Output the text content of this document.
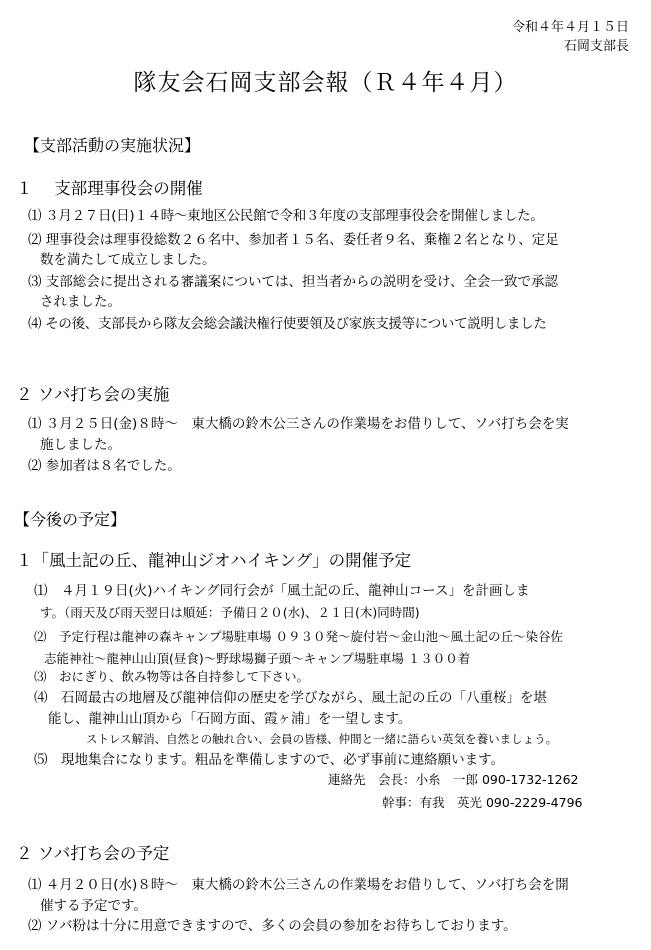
令和４年４月１５日
石岡支部長
隊友会石岡支部会報（Ｒ４年４月）
【支部活動の実施状況】
１　 支部理事役会の開催
⑴ ３月２７日(日)１４時～東地区公民館で令和３年度の支部理事役会を開催しました。
⑵ 理事役会は理事役総数２６名中、参加者１５名、委任者９名、棄権２名となり、定足
数を満たして成立しました。
⑶ 支部総会に提出される審議案については、担当者からの説明を受け、全会一致で承認
されました。
⑷ その後、支部長から隊友会総会議決権行使要領及び家族支援等について説明しました
２ ソバ打ち会の実施
⑴ ３月２５日(金)８時～　東大橋の鈴木公三さんの作業場をお借りして、ソバ打ち会を実
施しました。
⑵ 参加者は８名でした。
【今後の予定】
１「風土記の丘、龍神山ジオハイキング」の開催予定
⑴　４月１９日(火)ハイキング同行会が「風土記の丘、龍神山コース」を計画しま
す。（雨天及び雨天翌日は順延：予備日２０(水)、２１日(木)同時間)
⑵　予定行程は龍神の森キャンプ場駐車場 ０９３０発～旋付岩～金山池～風土記の丘～染谷佐
志能神社～龍神山山頂(昼食)～野球場獅子頭～キャンプ場駐車場 １３００着
⑶　おにぎり、飲み物等は各自持参して下さい。
⑷　石岡最古の地層及び龍神信仰の歴史を学びながら、風土記の丘の「八重桜」を堪
能し、龍神山山頂から「石岡方面、霞ヶ浦」を一望します。
ストレス解消、自然との触れ合い、会員の皆様、仲間と一緒に語らい英気を養いましょう。
⑸　現地集合になります。粗品を準備しますので、必ず事前に連絡願います。
連絡先　会長：小糸　一郎 090-1732-1262
幹事：有我　英光 090-2229-4796
２ ソバ打ち会の予定
⑴ ４月２０日(水)８時～　東大橋の鈴木公三さんの作業場をお借りして、ソバ打ち会を開
催する予定です。
⑵ ソバ粉は十分に用意できますので、多くの会員の参加をお待ちしております。
